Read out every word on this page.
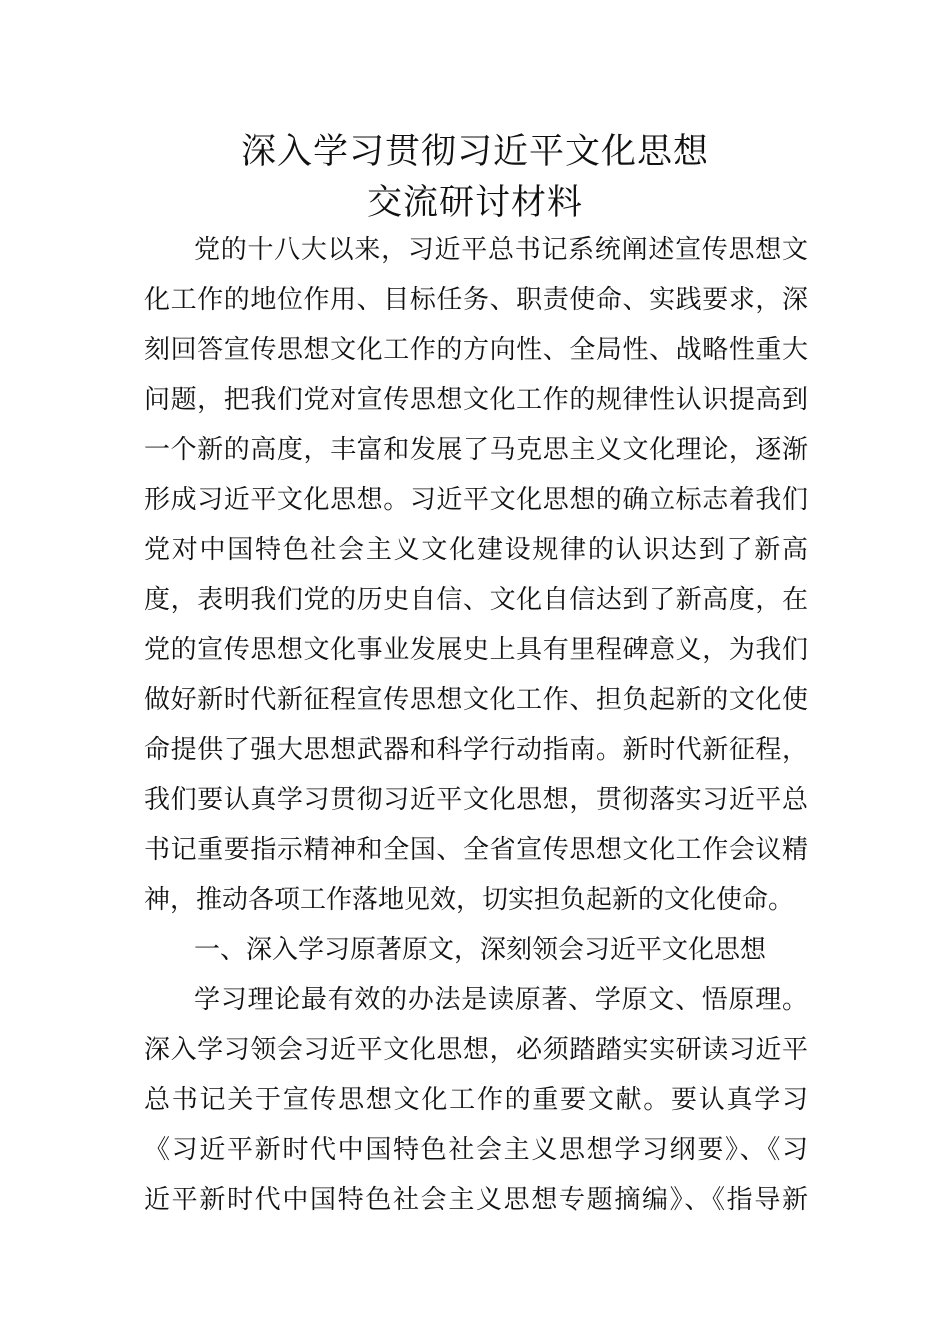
深入学习贯彻习近平文化思想
交流研讨材料
党的十八大以来，习近平总书记系统阐述宣传思想文
化工作的地位作用、目标任务、职责使命、实践要求，深
刻回答宣传思想文化工作的方向性、全局性、战略性重大
问题，把我们党对宣传思想文化工作的规律性认识提高到
一个新的高度，丰富和发展了马克思主义文化理论，逐渐
形成习近平文化思想。习近平文化思想的确立标志着我们
党对中国特色社会主义文化建设规律的认识达到了新高
度，表明我们党的历史自信、文化自信达到了新高度，在
党的宣传思想文化事业发展史上具有里程碑意义，为我们
做好新时代新征程宣传思想文化工作、担负起新的文化使
命提供了强大思想武器和科学行动指南。新时代新征程，
我们要认真学习贯彻习近平文化思想，贯彻落实习近平总
书记重要指示精神和全国、全省宣传思想文化工作会议精
神，推动各项工作落地见效，切实担负起新的文化使命。
一、深入学习原著原文，深刻领会习近平文化思想
学习理论最有效的办法是读原著、学原文、悟原理。
深入学习领会习近平文化思想，必须踏踏实实研读习近平
总书记关于宣传思想文化工作的重要文献。要认真学习
《习近平新时代中国特色社会主义思想学习纲要》、《习
近平新时代中国特色社会主义思想专题摘编》、《指导新
